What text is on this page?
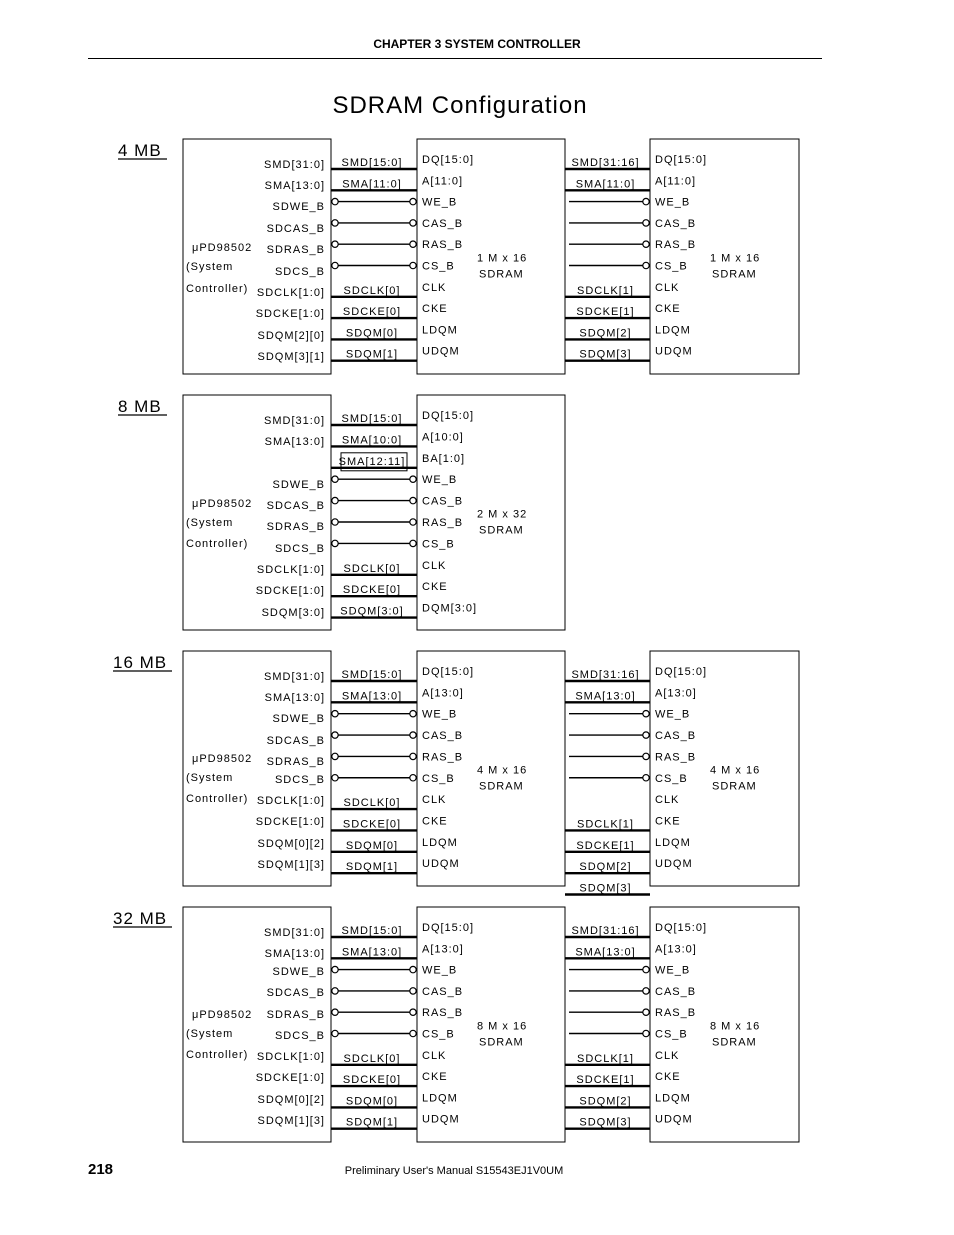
CHAPTER 3 SYSTEM CONTROLLER
SDRAM Configuration
4 MB
SMD[31:0]
SMA[13:0]
SDWE_B
SDCAS_B
SDRAS_B
SDCS_B
SDCLK[1:0]
SDCKE[1:0]
SDQM[2][0]
SDQM[3][1]
μPD98502
(System
Controller)
DQ[15:0]
A[11:0]
WE_B
CAS_B
RAS_B
CS_B
CLK
CKE
LDQM
UDQM
1 M x 16
SDRAM
SMD[15:0]
SMA[11:0]
SDCLK[0]
SDCKE[0]
SDQM[0]
SDQM[1]
DQ[15:0]
A[11:0]
WE_B
CAS_B
RAS_B
CS_B
CLK
CKE
LDQM
UDQM
1 M x 16
SDRAM
SMD[31:16]
SMA[11:0]
SDCLK[1]
SDCKE[1]
SDQM[2]
SDQM[3]
8 MB
SMD[31:0]
SMA[13:0]
SDWE_B
SDCAS_B
SDRAS_B
SDCS_B
SDCLK[1:0]
SDCKE[1:0]
SDQM[3:0]
μPD98502
(System
Controller)
DQ[15:0]
A[10:0]
BA[1:0]
WE_B
CAS_B
RAS_B
CS_B
CLK
CKE
DQM[3:0]
2 M x 32
SDRAM
SMD[15:0]
SMA[10:0]
SMA[12:11]
SDCLK[0]
SDCKE[0]
SDQM[3:0]
16 MB
SMD[31:0]
SMA[13:0]
SDWE_B
SDCAS_B
SDRAS_B
SDCS_B
SDCLK[1:0]
SDCKE[1:0]
SDQM[0][2]
SDQM[1][3]
μPD98502
(System
Controller)
DQ[15:0]
A[13:0]
WE_B
CAS_B
RAS_B
CS_B
CLK
CKE
LDQM
UDQM
4 M x 16
SDRAM
SMD[15:0]
SMA[13:0]
SDCLK[0]
SDCKE[0]
SDQM[0]
SDQM[1]
DQ[15:0]
A[13:0]
WE_B
CAS_B
RAS_B
CS_B
CLK
CKE
LDQM
UDQM
4 M x 16
SDRAM
SMD[31:16]
SMA[13:0]
SDCLK[1]
SDCKE[1]
SDQM[2]
SDQM[3]
32 MB
SMD[31:0]
SMA[13:0]
SDWE_B
SDCAS_B
SDRAS_B
SDCS_B
SDCLK[1:0]
SDCKE[1:0]
SDQM[0][2]
SDQM[1][3]
μPD98502
(System
Controller)
DQ[15:0]
A[13:0]
WE_B
CAS_B
RAS_B
CS_B
CLK
CKE
LDQM
UDQM
8 M x 16
SDRAM
SMD[15:0]
SMA[13:0]
SDCLK[0]
SDCKE[0]
SDQM[0]
SDQM[1]
DQ[15:0]
A[13:0]
WE_B
CAS_B
RAS_B
CS_B
CLK
CKE
LDQM
UDQM
8 M x 16
SDRAM
SMD[31:16]
SMA[13:0]
SDCLK[1]
SDCKE[1]
SDQM[2]
SDQM[3]
218	Preliminary User's Manual S15543EJ1V0UM
